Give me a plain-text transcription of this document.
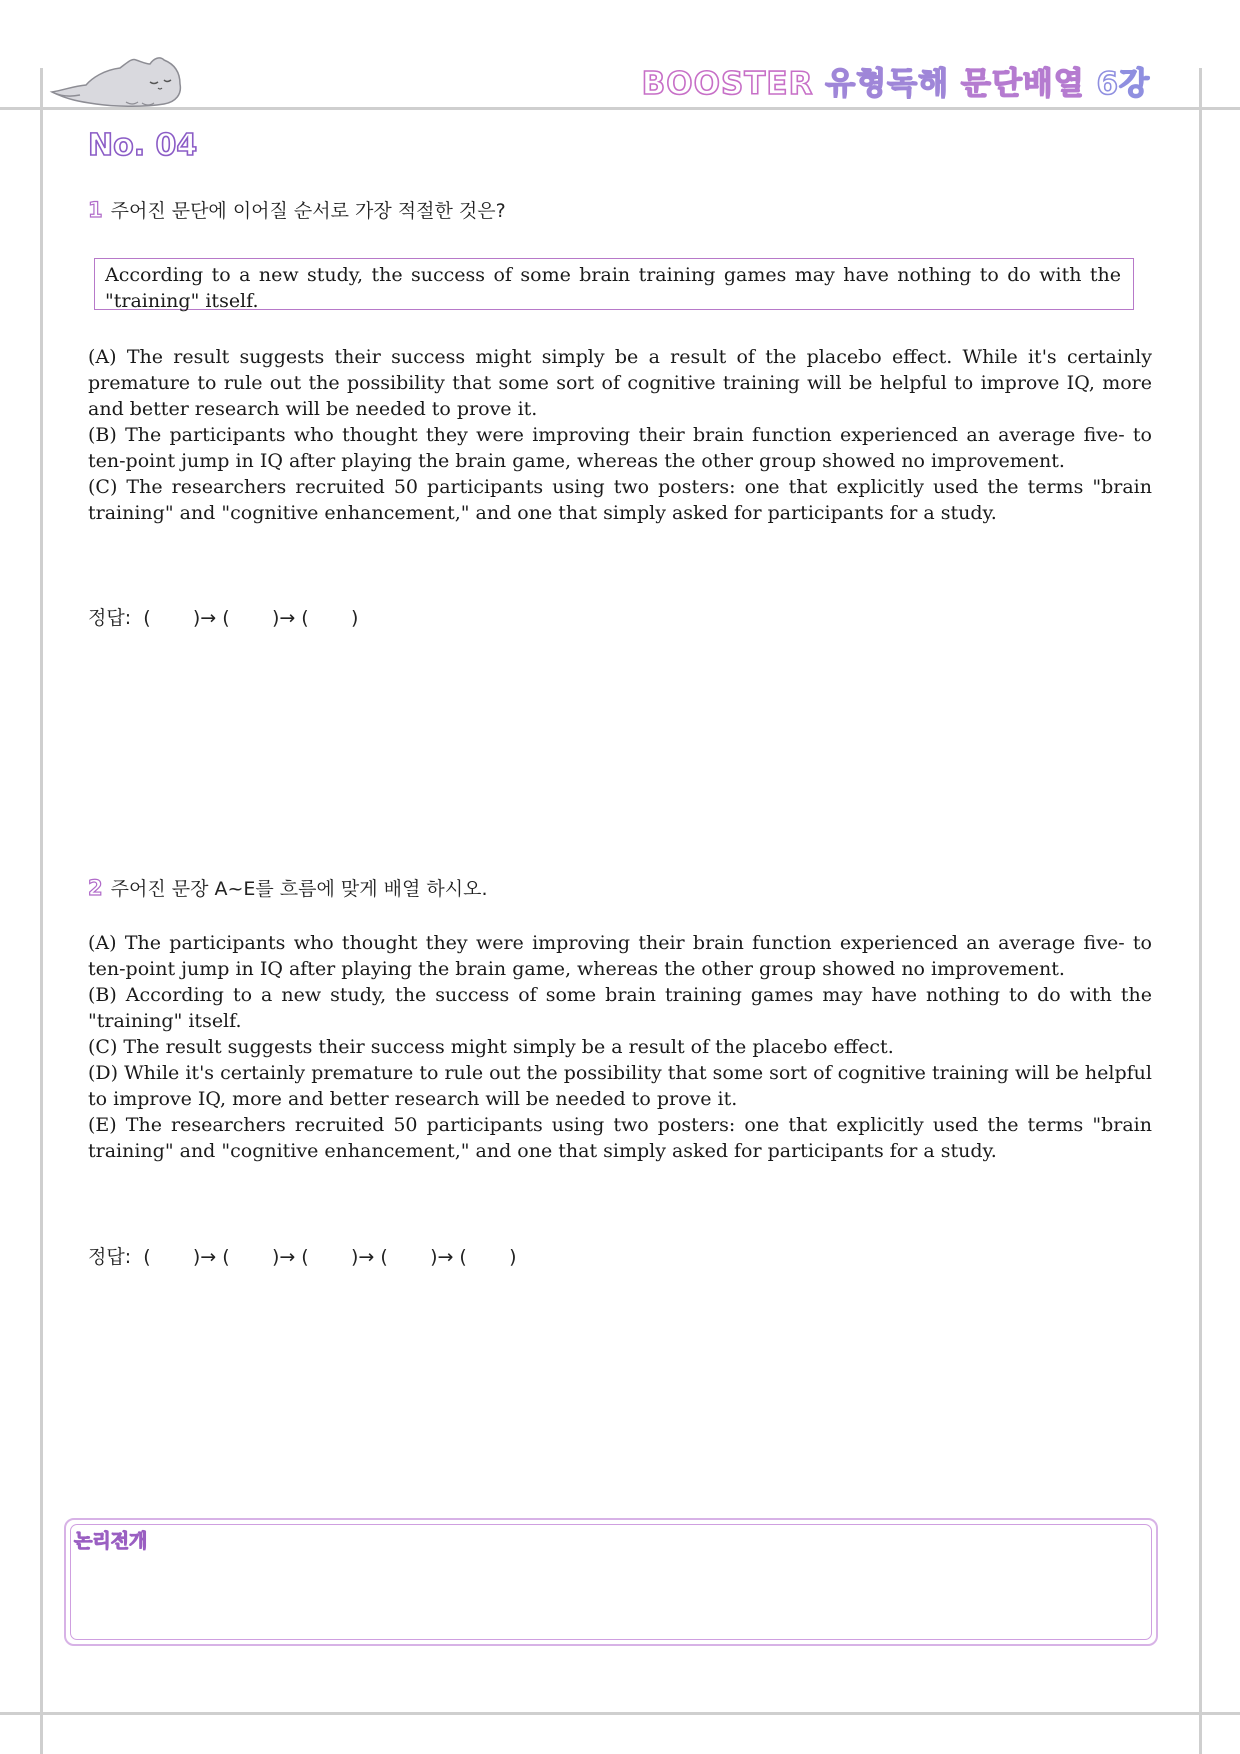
BOOSTER 유형독해 문단배열 6강
No. 04
1 주어진 문단에 이어질 순서로 가장 적절한 것은?
According to a new study, the success of some brain training games may have nothing to do with the "training" itself.

(A) The result suggests their success might simply be a result of the placebo effect. While it's certainly premature to rule out the possibility that some sort of cognitive training will be helpful to improve IQ, more and better research will be needed to prove it.

(B) The participants who thought they were improving their brain function experienced an average five- to ten-point jump in IQ after playing the brain game, whereas the other group showed no improvement.

(C) The researchers recruited 50 participants using two posters: one that explicitly used the terms "brain training" and "cognitive enhancement," and one that simply asked for participants for a study.

정답:  (       )→ (       )→ (       )
2 주어진 문장 A~E를 흐름에 맞게 배열 하시오.

(A) The participants who thought they were improving their brain function experienced an average five- to ten-point jump in IQ after playing the brain game, whereas the other group showed no improvement.

(B) According to a new study, the success of some brain training games may have nothing to do with the "training" itself.

(C) The result suggests their success might simply be a result of the placebo effect.

(D) While it's certainly premature to rule out the possibility that some sort of cognitive training will be helpful to improve IQ, more and better research will be needed to prove it.

(E) The researchers recruited 50 participants using two posters: one that explicitly used the terms "brain training" and "cognitive enhancement," and one that simply asked for participants for a study.

정답:  (       )→ (       )→ (       )→ (       )→ (       )
논리전개
